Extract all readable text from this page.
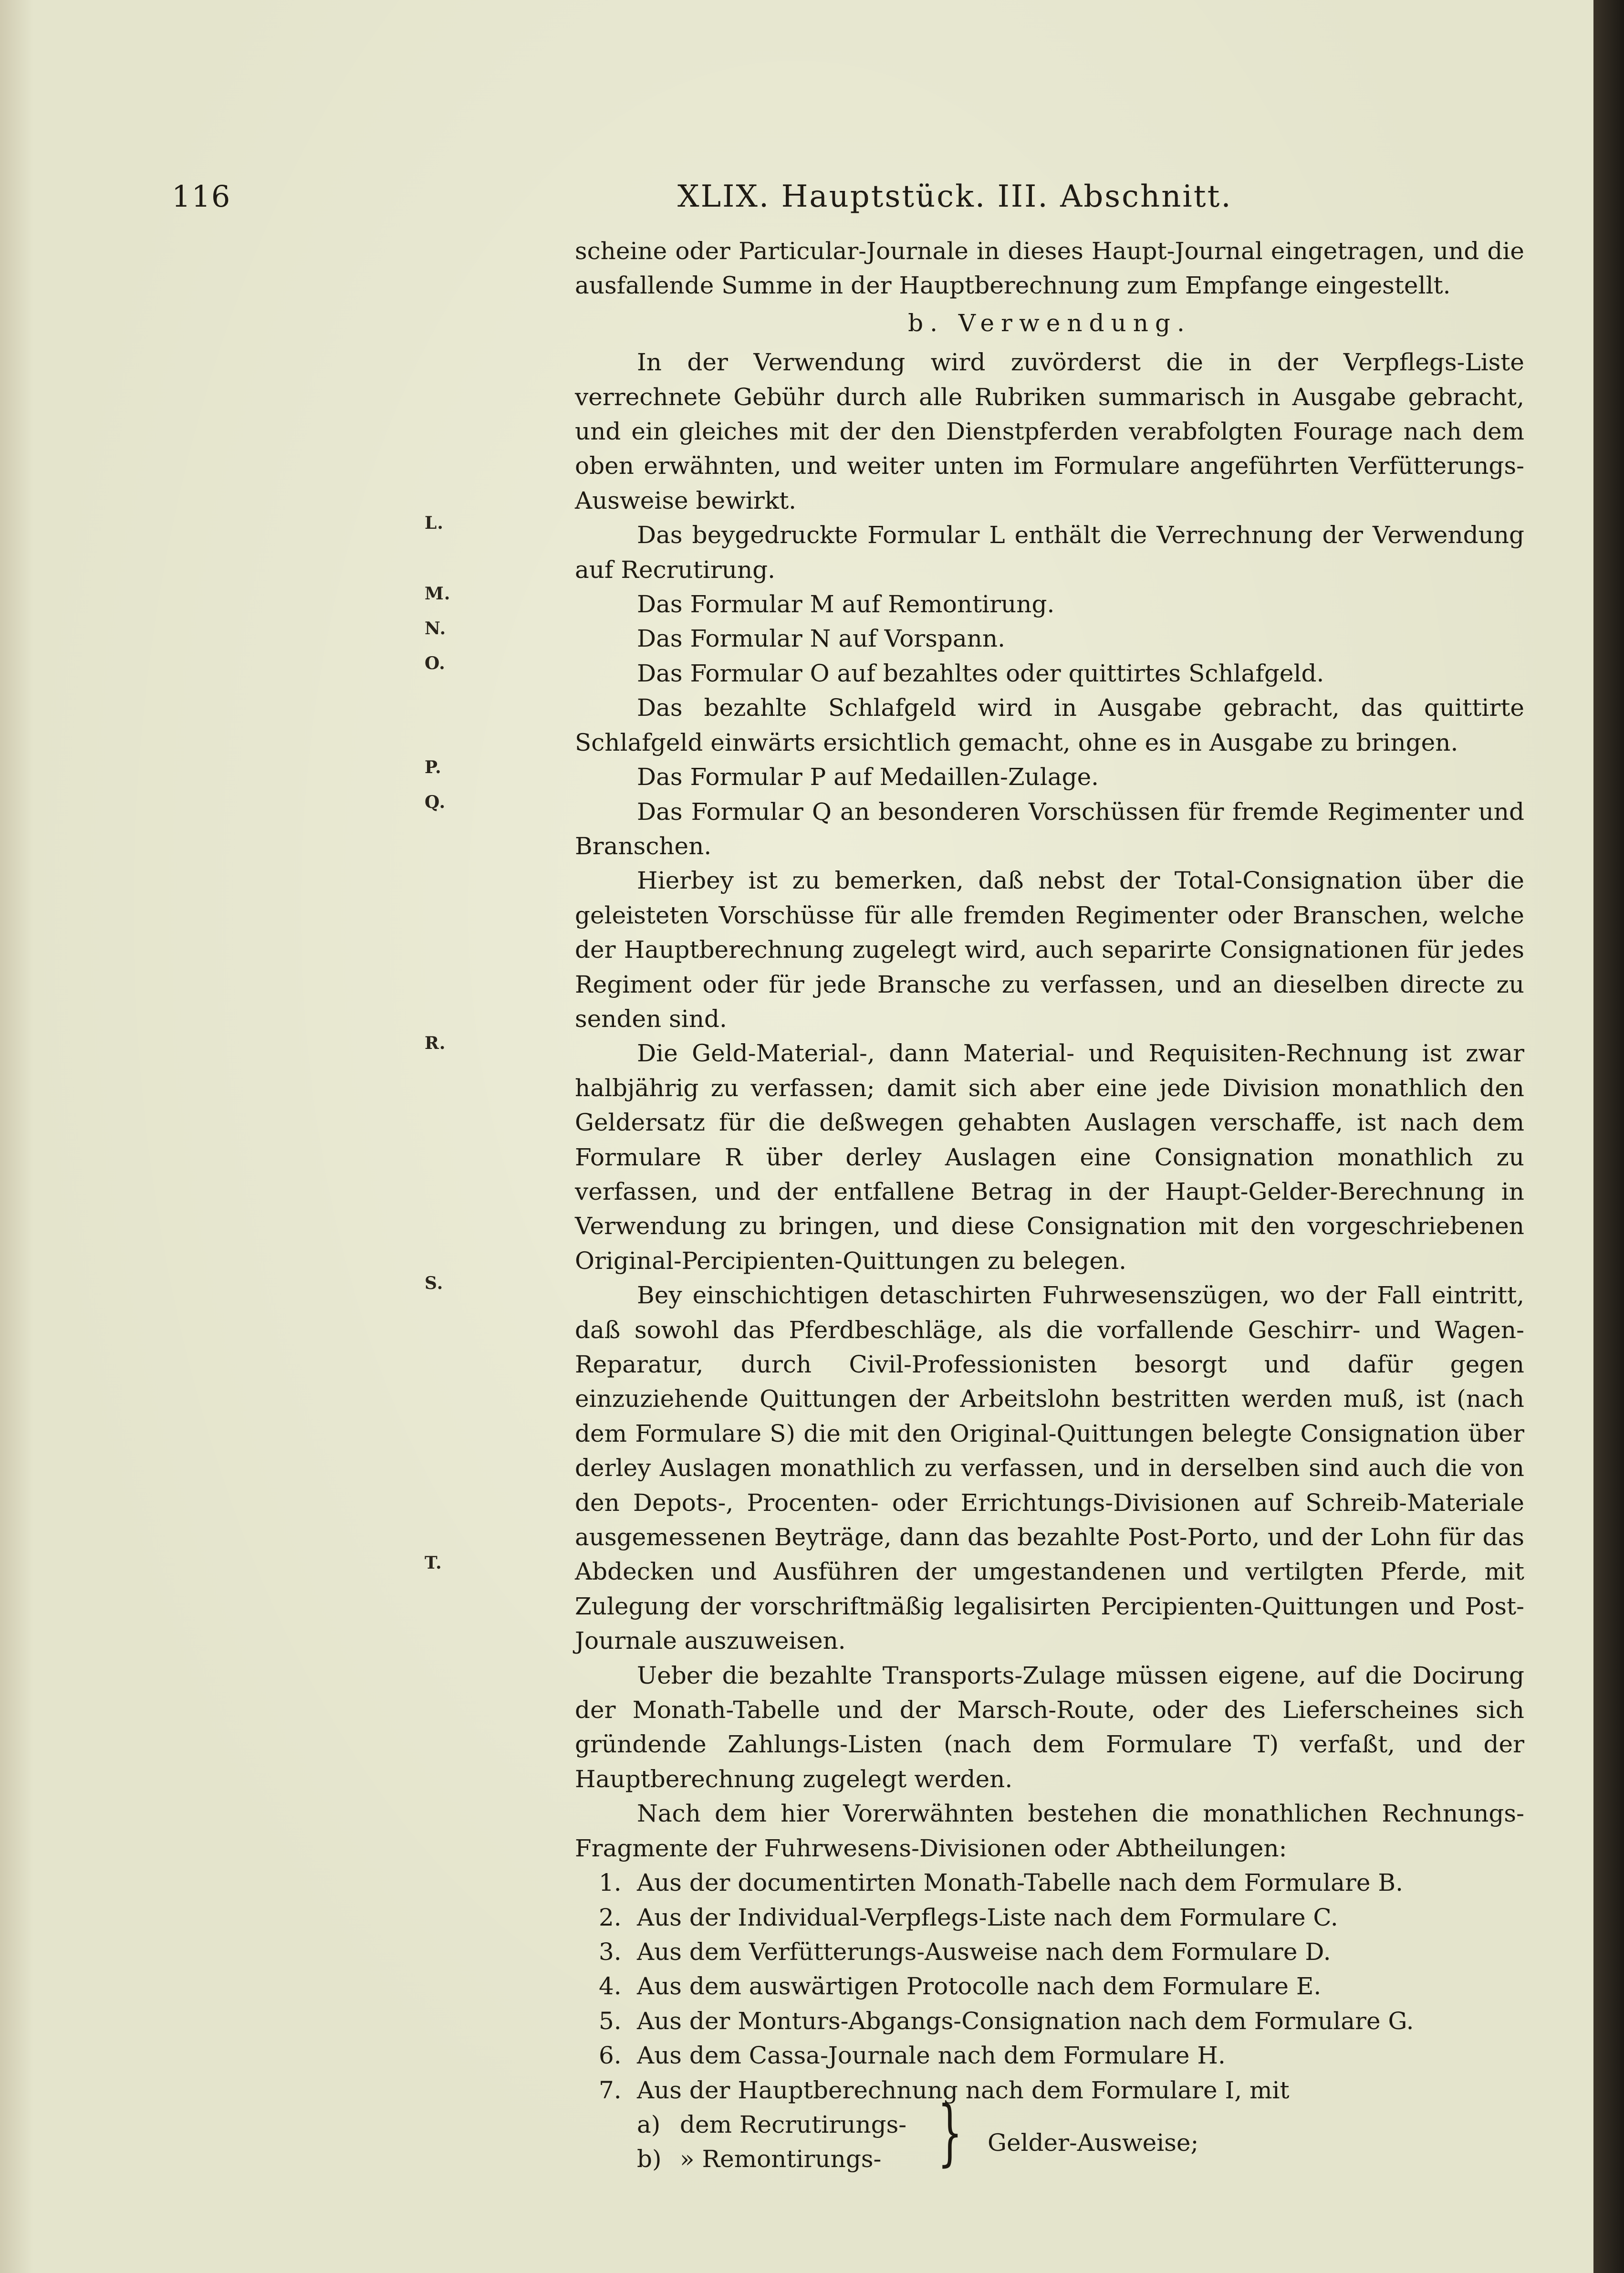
116	XLIX. Hauptstück. III. Abschnitt.
L.
M.
N.
O.
P.
Q.
R.
S.
T.

scheine oder Particular-Journale in dieses Haupt-Journal eingetragen, und die ausfallende Summe in der Hauptberechnung zum Empfange eingestellt.

b. Verwendung.

In der Verwendung wird zuvörderst die in der Verpflegs-Liste verrechnete Gebühr durch alle Rubriken summarisch in Ausgabe gebracht, und ein gleiches mit der den Dienstpferden verabfolgten Fourage nach dem oben erwähnten, und weiter unten im Formulare angeführten Verfütterungs-Ausweise bewirkt.

Das beygedruckte Formular L enthält die Verrechnung der Verwendung auf Recrutirung.

Das Formular M auf Remontirung.

Das Formular N auf Vorspann.

Das Formular O auf bezahltes oder quittirtes Schlafgeld.

Das bezahlte Schlafgeld wird in Ausgabe gebracht, das quittirte Schlafgeld einwärts ersichtlich gemacht, ohne es in Ausgabe zu bringen.

Das Formular P auf Medaillen-Zulage.

Das Formular Q an besonderen Vorschüssen für fremde Regimenter und Branschen.

Hierbey ist zu bemerken, daß nebst der Total-Consignation über die geleisteten Vorschüsse für alle fremden Regimenter oder Branschen, welche der Hauptberechnung zugelegt wird, auch separirte Consignationen für jedes Regiment oder für jede Bransche zu verfassen, und an dieselben directe zu senden sind.

Die Geld-Material-, dann Material- und Requisiten-Rechnung ist zwar halbjährig zu verfassen; damit sich aber eine jede Division monathlich den Geldersatz für die deßwegen gehabten Auslagen verschaffe, ist nach dem Formulare R über derley Auslagen eine Consignation monathlich zu verfassen, und der entfallene Betrag in der Haupt-Gelder-Berechnung in Verwendung zu bringen, und diese Consignation mit den vorgeschriebenen Original-Percipienten-Quittungen zu belegen.

Bey einschichtigen detaschirten Fuhrwesenszügen, wo der Fall eintritt, daß sowohl das Pferdbeschläge, als die vorfallende Geschirr- und Wagen-Reparatur, durch Civil-Professionisten besorgt und dafür gegen einzuziehende Quittungen der Arbeitslohn bestritten werden muß, ist (nach dem Formulare S) die mit den Original-Quittungen belegte Consignation über derley Auslagen monathlich zu verfassen, und in derselben sind auch die von den Depots-, Procenten- oder Errichtungs-Divisionen auf Schreib-Materiale ausgemessenen Beyträge, dann das bezahlte Post-Porto, und der Lohn für das Abdecken und Ausführen der umgestandenen und vertilgten Pferde, mit Zulegung der vorschriftmäßig legalisirten Percipienten-Quittungen und Post-Journale auszuweisen.

Ueber die bezahlte Transports-Zulage müssen eigene, auf die Docirung der Monath-Tabelle und der Marsch-Route, oder des Lieferscheines sich gründende Zahlungs-Listen (nach dem Formulare T) verfaßt, und der Hauptberechnung zugelegt werden.

Nach dem hier Vorerwähnten bestehen die monathlichen Rechnungs-Fragmente der Fuhrwesens-Divisionen oder Abtheilungen:

1. Aus der documentirten Monath-Tabelle nach dem Formulare B.
2. Aus der Individual-Verpflegs-Liste nach dem Formulare C.
3. Aus dem Verfütterungs-Ausweise nach dem Formulare D.
4. Aus dem auswärtigen Protocolle nach dem Formulare E.
5. Aus der Monturs-Abgangs-Consignation nach dem Formulare G.
6. Aus dem Cassa-Journale nach dem Formulare H.
7. Aus der Hauptberechnung nach dem Formulare I, mit
a) dem Recrutirungs-
b) » Remontirungs- } Gelder-Ausweise;
